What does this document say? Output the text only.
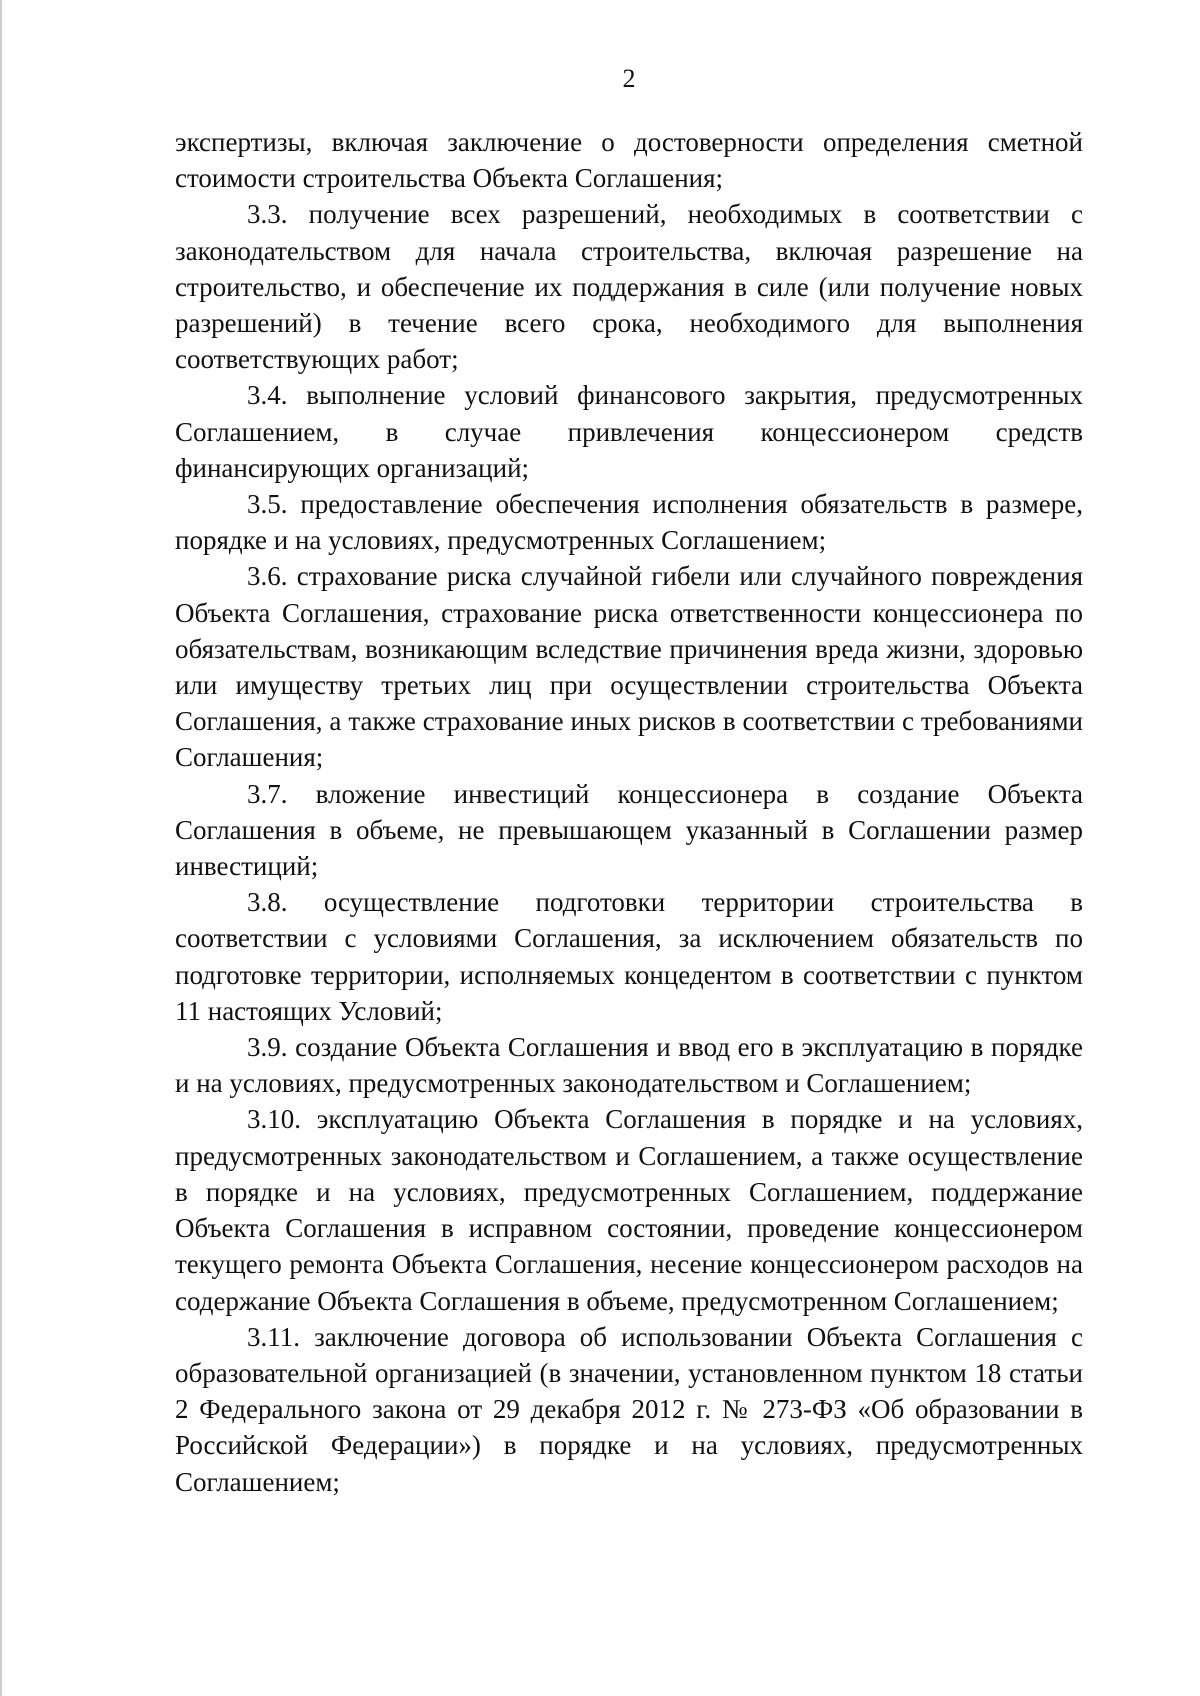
2

экспертизы, включая заключение о достоверности определения сметной стоимости строительства Объекта Соглашения;

3.3. получение всех разрешений, необходимых в соответствии с законодательством для начала строительства, включая разрешение на строительство, и обеспечение их поддержания в силе (или получение новых разрешений) в течение всего срока, необходимого для выполнения соответствующих работ;

3.4. выполнение условий финансового закрытия, предусмотренных Соглашением, в случае привлечения концессионером средств финансирующих организаций;

3.5. предоставление обеспечения исполнения обязательств в размере, порядке и на условиях, предусмотренных Соглашением;

3.6. страхование риска случайной гибели или случайного повреждения Объекта Соглашения, страхование риска ответственности концессионера по обязательствам, возникающим вследствие причинения вреда жизни, здоровью или имуществу третьих лиц при осуществлении строительства Объекта Соглашения, а также страхование иных рисков в соответствии с требованиями Соглашения;

3.7. вложение инвестиций концессионера в создание Объекта Соглашения в объеме, не превышающем указанный в Соглашении размер инвестиций;

3.8. осуществление подготовки территории строительства в соответствии с условиями Соглашения, за исключением обязательств по подготовке территории, исполняемых концедентом в соответствии с пунктом 11 настоящих Условий;

3.9. создание Объекта Соглашения и ввод его в эксплуатацию в порядке и на условиях, предусмотренных законодательством и Соглашением;

3.10. эксплуатацию Объекта Соглашения в порядке и на условиях, предусмотренных законодательством и Соглашением, а также осуществление в порядке и на условиях, предусмотренных Соглашением, поддержание Объекта Соглашения в исправном состоянии, проведение концессионером текущего ремонта Объекта Соглашения, несение концессионером расходов на содержание Объекта Соглашения в объеме, предусмотренном Соглашением;

3.11. заключение договора об использовании Объекта Соглашения с образовательной организацией (в значении, установленном пунктом 18 статьи 2 Федерального закона от 29 декабря 2012 г. № 273-ФЗ «Об образовании в Российской Федерации») в порядке и на условиях, предусмотренных Соглашением;
